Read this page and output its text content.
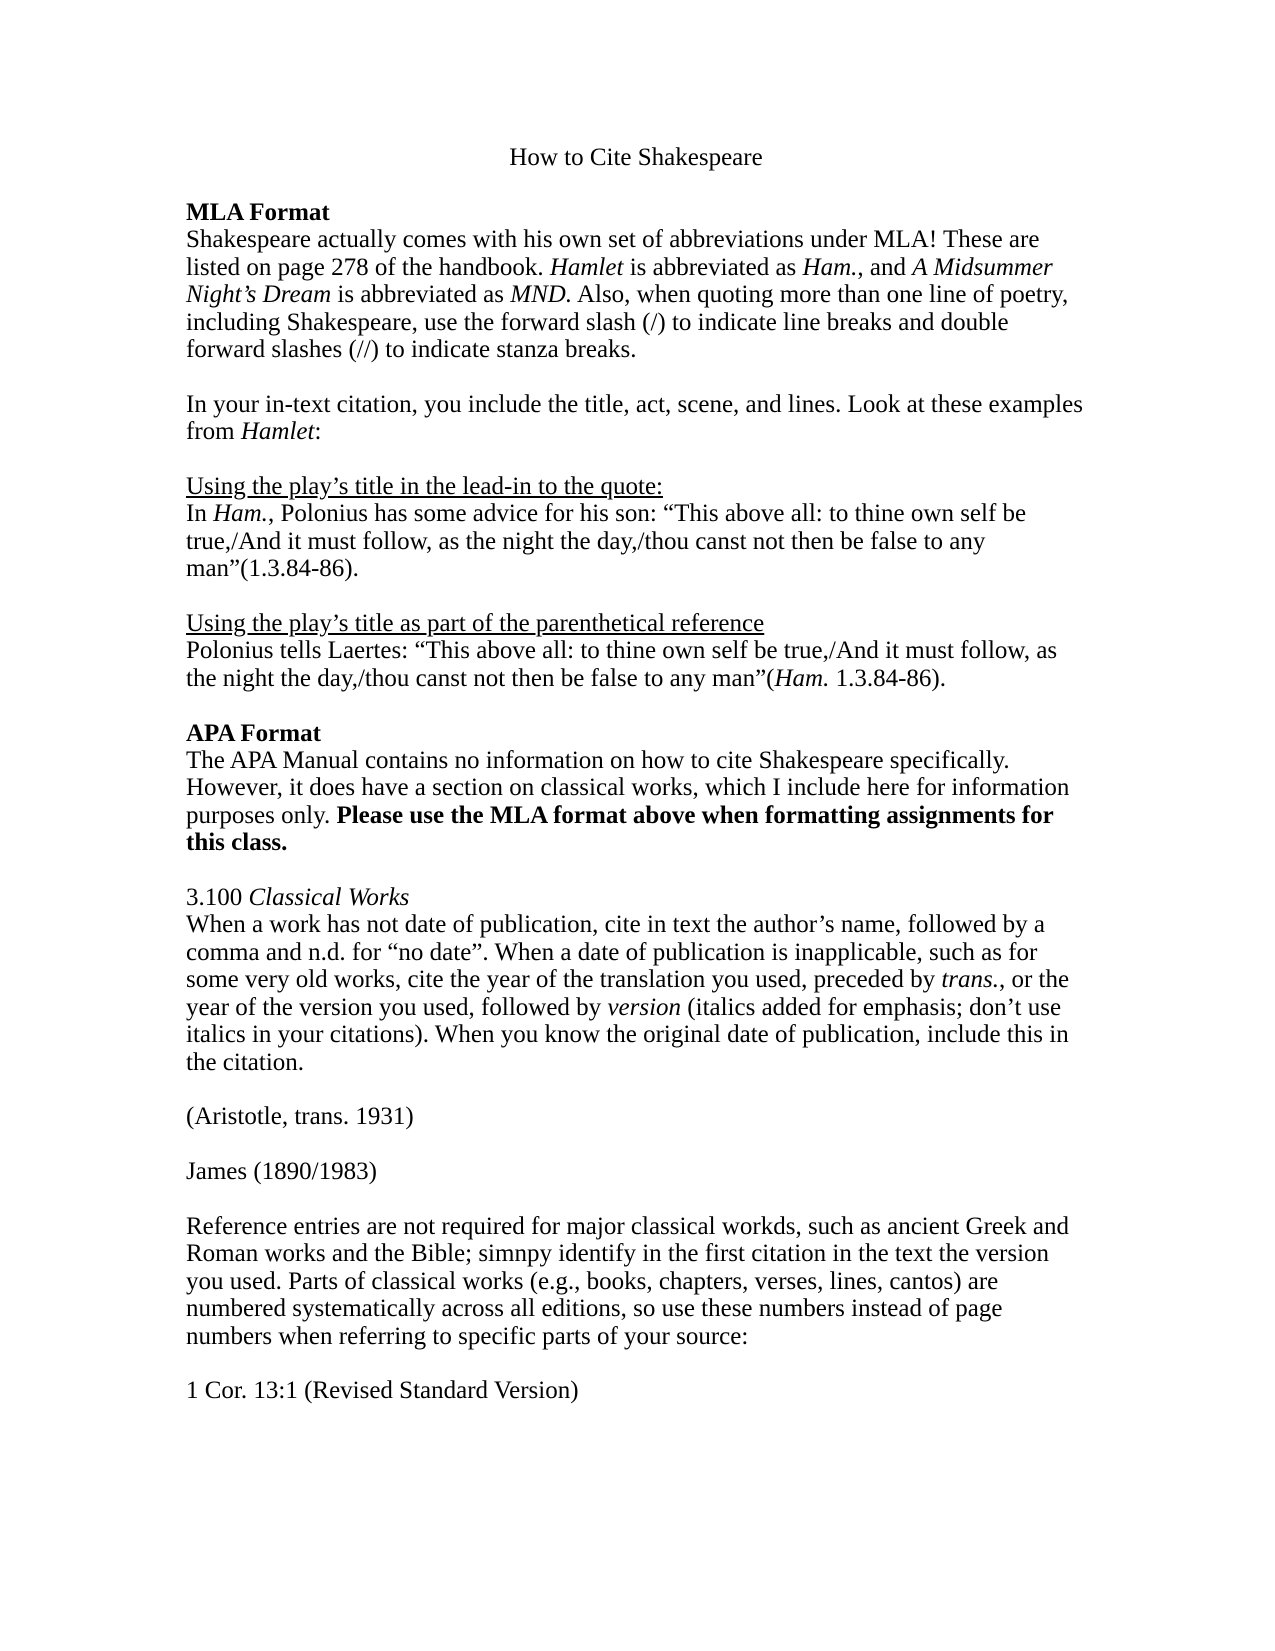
How to Cite Shakespeare

MLA Format

Shakespeare actually comes with his own set of abbreviations under MLA! These are listed on page 278 of the handbook. Hamlet is abbreviated as Ham., and A Midsummer Night’s Dream is abbreviated as MND. Also, when quoting more than one line of poetry, including Shakespeare, use the forward slash (/) to indicate line breaks and double forward slashes (//) to indicate stanza breaks.

In your in-text citation, you include the title, act, scene, and lines. Look at these examples from Hamlet:

Using the play’s title in the lead-in to the quote:

In Ham., Polonius has some advice for his son: “This above all: to thine own self be true,/And it must follow, as the night the day,/thou canst not then be false to any man”(1.3.84-86).

Using the play’s title as part of the parenthetical reference

Polonius tells Laertes: “This above all: to thine own self be true,/And it must follow, as the night the day,/thou canst not then be false to any man”(Ham. 1.3.84-86).

APA Format

The APA Manual contains no information on how to cite Shakespeare specifically. However, it does have a section on classical works, which I include here for information purposes only. Please use the MLA format above when formatting assignments for this class.

3.100 Classical Works

When a work has not date of publication, cite in text the author’s name, followed by a comma and n.d. for “no date”. When a date of publication is inapplicable, such as for some very old works, cite the year of the translation you used, preceded by trans., or the year of the version you used, followed by version (italics added for emphasis; don’t use italics in your citations). When you know the original date of publication, include this in the citation.

(Aristotle, trans. 1931)

James (1890/1983)

Reference entries are not required for major classical workds, such as ancient Greek and Roman works and the Bible; simnpy identify in the first citation in the text the version you used. Parts of classical works (e.g., books, chapters, verses, lines, cantos) are numbered systematically across all editions, so use these numbers instead of page numbers when referring to specific parts of your source:

1 Cor. 13:1 (Revised Standard Version)
